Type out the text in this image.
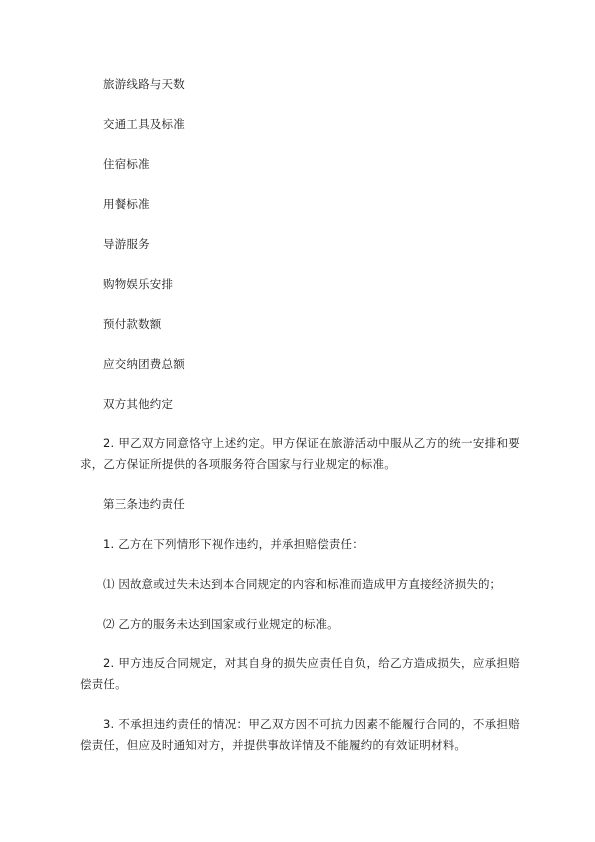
旅游线路与天数
交通工具及标准
住宿标准
用餐标准
导游服务
购物娱乐安排
预付款数额
应交纳团费总额
双方其他约定
2. 甲乙双方同意恪守上述约定。甲方保证在旅游活动中服从乙方的统一安排和要求，乙方保证所提供的各项服务符合国家与行业规定的标准。
第三条违约责任
1. 乙方在下列情形下视作违约，并承担赔偿责任：
⑴ 因故意或过失未达到本合同规定的内容和标准而造成甲方直接经济损失的；
⑵ 乙方的服务未达到国家或行业规定的标准。
2. 甲方违反合同规定，对其自身的损失应责任自负，给乙方造成损失，应承担赔偿责任。
3. 不承担违约责任的情况：甲乙双方因不可抗力因素不能履行合同的，不承担赔偿责任，但应及时通知对方，并提供事故详情及不能履约的有效证明材料。
